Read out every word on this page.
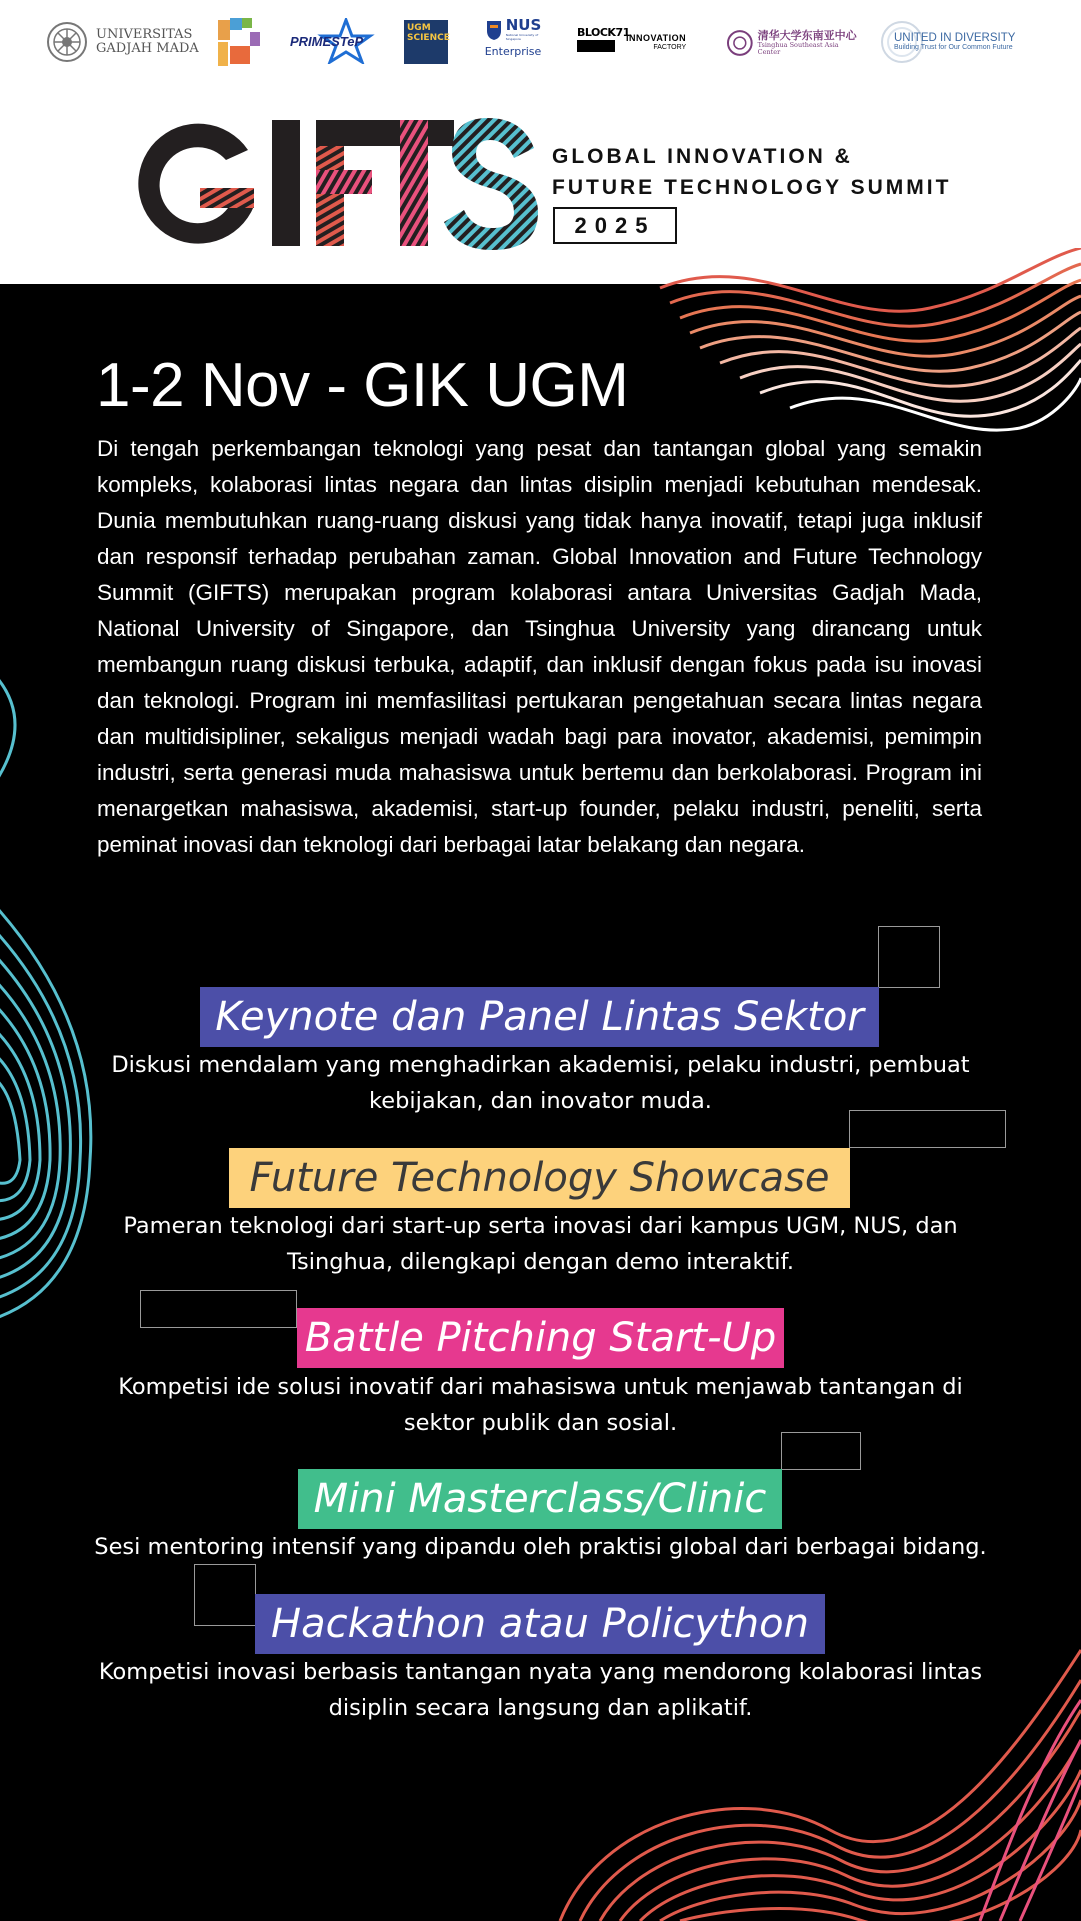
UNIVERSITAS
GADJAH MADA	PRIMESTeP
UGM
SCIENCE
NUS
National University of Singapore
Enterprise
BLOCK71
INNOVATION
FACTORY
清华大学东南亚中心
Tsinghua Southeast Asia Center
UNITED IN DIVERSITY
Building Trust for Our Common Future
GLOBAL INNOVATION &
FUTURE TECHNOLOGY SUMMIT
2025
1-2 Nov - GIK UGM

Di tengah perkembangan teknologi yang pesat dan tantangan global yang semakin kompleks, kolaborasi lintas negara dan lintas disiplin menjadi kebutuhan mendesak. Dunia membutuhkan ruang-ruang diskusi yang tidak hanya inovatif, tetapi juga inklusif dan responsif terhadap perubahan zaman. Global Innovation and Future Technology Summit (GIFTS) merupakan program kolaborasi antara Universitas Gadjah Mada, National University of Singapore, dan Tsinghua University yang dirancang untuk membangun ruang diskusi terbuka, adaptif, dan inklusif dengan fokus pada isu inovasi dan teknologi. Program ini memfasilitasi pertukaran pengetahuan secara lintas negara dan multidisipliner, sekaligus menjadi wadah bagi para inovator, akademisi, pemimpin industri, serta generasi muda mahasiswa untuk bertemu dan berkolaborasi. Program ini menargetkan mahasiswa, akademisi, start-up founder, pelaku industri, peneliti, serta peminat inovasi dan teknologi dari berbagai latar belakang dan negara.

Keynote dan Panel Lintas Sektor

Diskusi mendalam yang menghadirkan akademisi, pelaku industri, pembuat kebijakan, dan inovator muda.

Future Technology Showcase

Pameran teknologi dari start-up serta inovasi dari kampus UGM, NUS, dan Tsinghua, dilengkapi dengan demo interaktif.

Battle Pitching Start-Up

Kompetisi ide solusi inovatif dari mahasiswa untuk menjawab tantangan di sektor publik dan sosial.

Mini Masterclass/Clinic

Sesi mentoring intensif yang dipandu oleh praktisi global dari berbagai bidang.

Hackathon atau Policython

Kompetisi inovasi berbasis tantangan nyata yang mendorong kolaborasi lintas disiplin secara langsung dan aplikatif.
